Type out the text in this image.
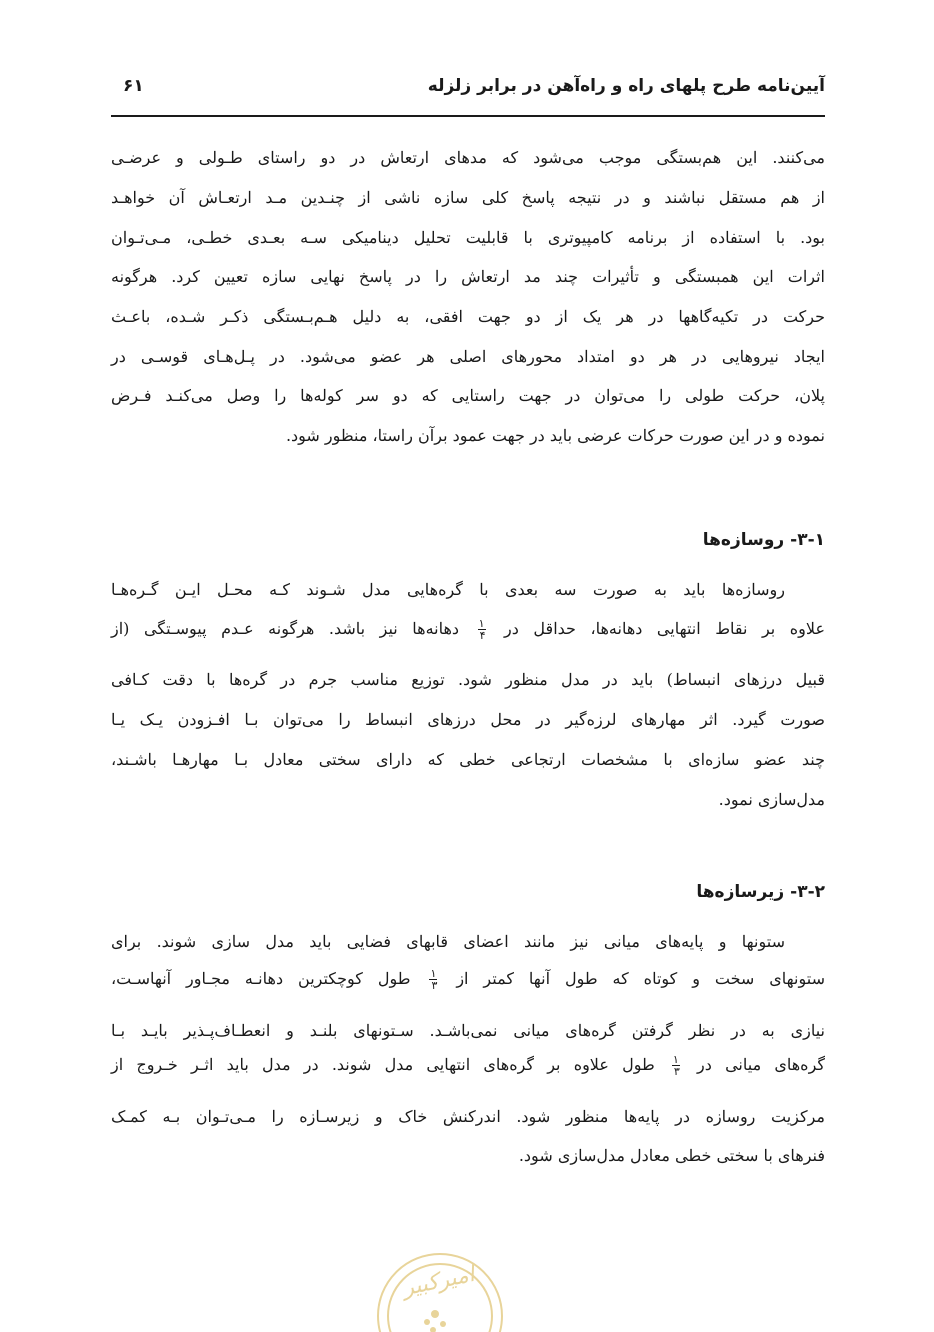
آیین‌نامه طرح پلهای راه و راه‌آهن در برابر زلزله
۶۱
می‌کنند. این هم‌بستگی موجب می‌شود که مدهای ارتعاش در دو راستای طـولی و عرضـی
از هم مستقل نباشند و در نتیجه پاسخ کلی سازه ناشی از چنـدین مـد ارتعـاش آن خواهـد
بود. با استفاده از برنامه کامپیوتری با قابلیت تحلیل دینامیکی سـه بعـدی خطـی، مـی‌تـوان
اثرات این همبستگی و تأثیرات چند مد ارتعاش را در پاسخ نهایی سازه تعیین کرد. هرگونه
حرکت در تکیه‌گاهها در هر یک از دو جهت افقی، به دلیل هـم‌بـستگی ذکـر شـده، باعـث
ایجاد نیروهایی در هر دو امتداد محورهای اصلی هر عضو می‌شود. در پـل‌هـای قوسـی در
پلان، حرکت طولی را می‌توان در جهت راستایی که دو سر کوله‌ها را وصل می‌کنـد فـرض
نموده و در این صورت حرکات عرضی باید در جهت عمود برآن راستا، منظور شود.
۳-۱- روسازه‌ها
روسازه‌ها باید به صورت سه بعدی با گره‌هایی مدل شـوند کـه محـل ایـن گـره‌هـا
علاوه بر نقاط انتهایی دهانه‌ها، حداقل در
$\frac{۱}{۴}$
دهانه‌ها نیز باشد. هرگونه عـدم پیوسـتگی (از
قبیل درزهای انبساط) باید در مدل منظور شود. توزیع مناسب جرم در گره‌ها با دقت کـافی
صورت گیرد. اثر مهارهای لرزه‌گیر در محل درزهای انبساط را می‌توان بـا افـزودن یـک یـا
چند عضو سازه‌ای با مشخصات ارتجاعی خطی که دارای سختی معادل بـا مهارهـا باشـند،
مدل‌سازی نمود.
۳-۲- زیرسازه‌ها
ستونها و پایه‌های میانی نیز مانند اعضای قابهای فضایی باید مدل سازی شوند. برای
ستونهای سخت و کوتاه که طول آنها کمتر از
$\frac{۱}{۳}$
طول کوچکترین دهانـه مجـاور آنهاسـت،
نیازی به در نظر گرفتن گره‌های میانی نمی‌باشـد. سـتونهای بلنـد و انعطـاف‌پـذیر بایـد بـا
گره‌های میانی در
$\frac{۱}{۳}$
طول علاوه بر گره‌های انتهایی مدل شوند. در مدل باید اثـر خـروج از
مرکزیت روسازه در پایه‌ها منظور شود. اندرکنش خاک و زیرسـازه را مـی‌تـوان بـه کمـک
فنرهای با سختی خطی معادل مدل‌سازی شود.
امیرکبیر
